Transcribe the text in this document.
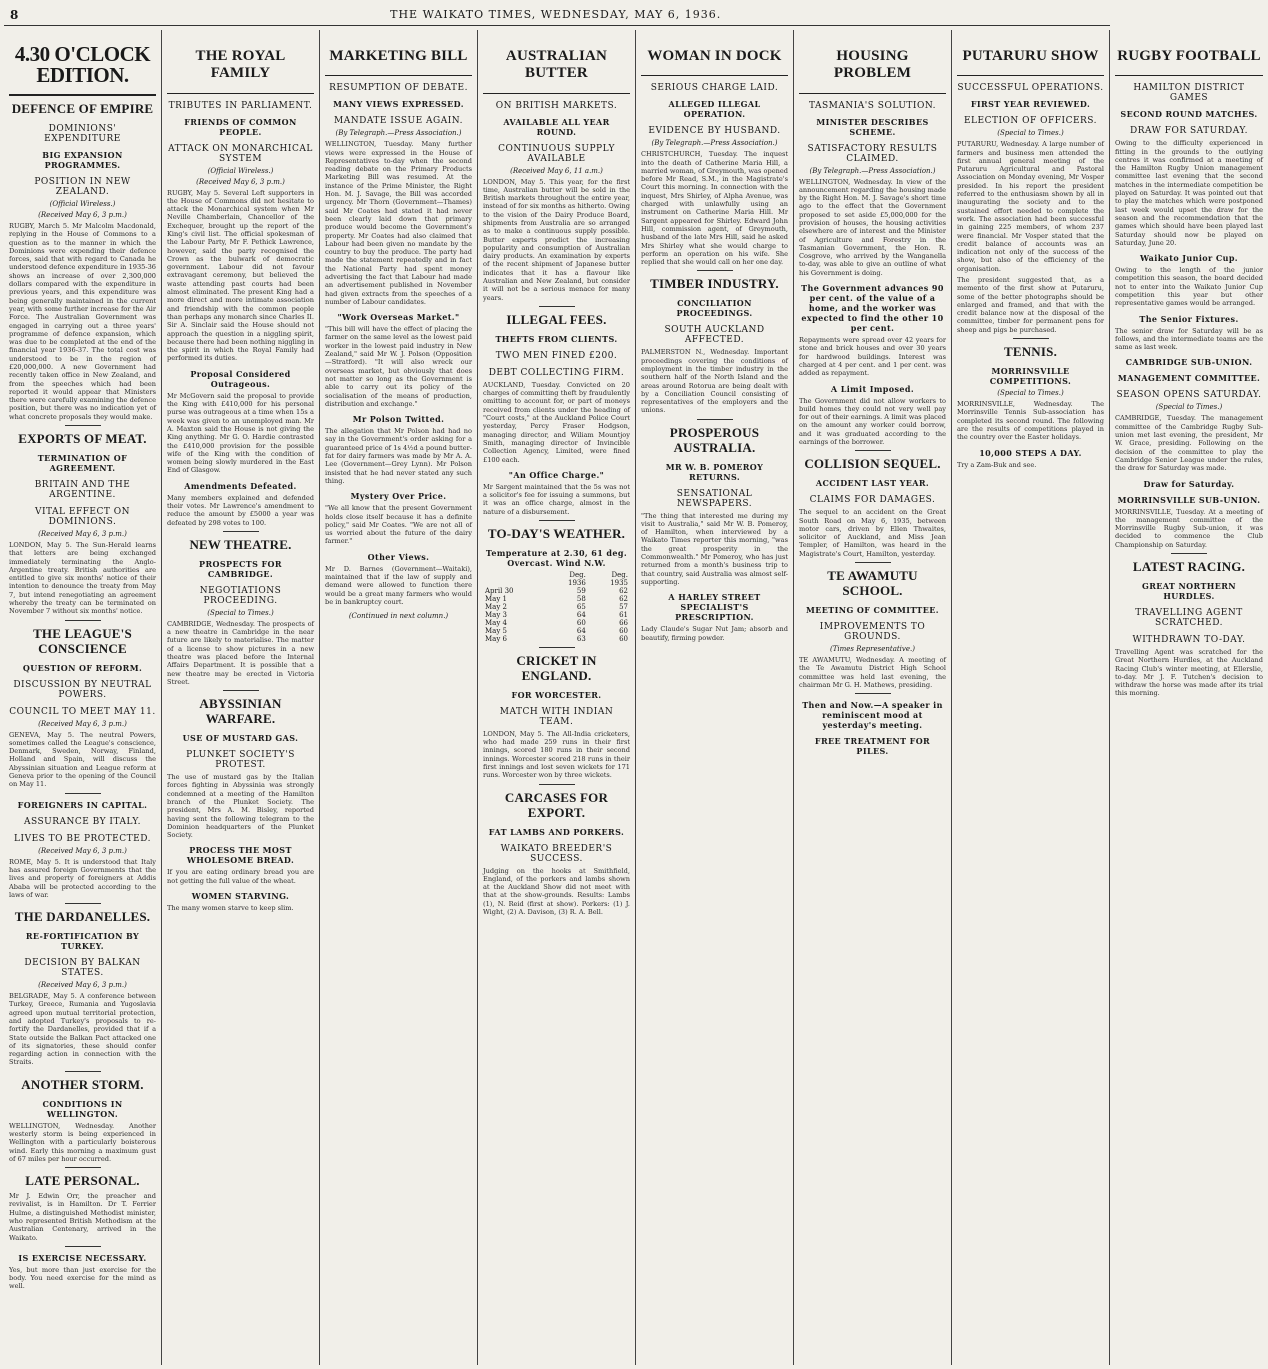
8	THE WAIKATO TIMES, WEDNESDAY, MAY 6, 1936.
4.30 O'CLOCK EDITION.
DEFENCE OF EMPIRE
DOMINIONS' EXPENDITURE
BIG EXPANSION PROGRAMMES.
POSITION IN NEW ZEALAND.
(Official Wireless.)
(Received May 6, 3 p.m.)
RUGBY, March 5. Mr Malcolm Macdonald, replying in the House of Commons to a question as to the manner in which the Dominions were expending their defence forces, said that with regard to Canada he understood defence expenditure in 1935-36 shows an increase of over 2,300,000 dollars compared with the expenditure in previous years, and this expenditure was being generally maintained in the current year, with some further increase for the Air Force. The Australian Government was engaged in carrying out a three years' programme of defence expansion, which was due to be completed at the end of the financial year 1936-37. The total cost was understood to be in the region of £20,000,000. A new Government had recently taken office in New Zealand, and from the speeches which had been reported it would appear that Ministers there were carefully examining the defence position, but there was no indication yet of what concrete proposals they would make.
EXPORTS OF MEAT.
TERMINATION OF AGREEMENT.
BRITAIN AND THE ARGENTINE.
VITAL EFFECT ON DOMINIONS.
(Received May 6, 3 p.m.)
LONDON, May 5. The Sun-Herald learns that letters are being exchanged immediately terminating the Anglo-Argentine treaty. British authorities are entitled to give six months' notice of their intention to denounce the treaty from May 7, but intend renegotiating an agreement whereby the treaty can be terminated on November 7 without six months' notice.
THE LEAGUE'S CONSCIENCE
QUESTION OF REFORM.
DISCUSSION BY NEUTRAL POWERS.
COUNCIL TO MEET MAY 11.
(Received May 6, 3 p.m.)
GENEVA, May 5. The neutral Powers, sometimes called the League's conscience, Denmark, Sweden, Norway, Finland, Holland and Spain, will discuss the Abyssinian situation and League reform at Geneva prior to the opening of the Council on May 11.
FOREIGNERS IN CAPITAL.
ASSURANCE BY ITALY.
LIVES TO BE PROTECTED.
(Received May 6, 3 p.m.)
ROME, May 5. It is understood that Italy has assured foreign Governments that the lives and property of foreigners at Addis Ababa will be protected according to the laws of war.
THE DARDANELLES.
RE-FORTIFICATION BY TURKEY.
DECISION BY BALKAN STATES.
(Received May 6, 3 p.m.)
BELGRADE, May 5. A conference between Turkey, Greece, Rumania and Yugoslavia agreed upon mutual territorial protection, and adopted Turkey's proposals to re-fortify the Dardanelles, provided that if a State outside the Balkan Pact attacked one of its signatories, these should confer regarding action in connection with the Straits.
ANOTHER STORM.
CONDITIONS IN WELLINGTON.
WELLINGTON, Wednesday. Another westerly storm is being experienced in Wellington with a particularly boisterous wind. Early this morning a maximum gust of 67 miles per hour occurred.
LATE PERSONAL.
Mr J. Edwin Orr, the preacher and revivalist, is in Hamilton. Dr T. Ferrier Hulme, a distinguished Methodist minister, who represented British Methodism at the Australian Centenary, arrived in the Waikato.
IS EXERCISE NECESSARY.
Yes, but more than just exercise for the body. You need exercise for the mind as well.
THE ROYAL FAMILY
TRIBUTES IN PARLIAMENT.
FRIENDS OF COMMON PEOPLE.
ATTACK ON MONARCHICAL SYSTEM
(Official Wireless.)
(Received May 6, 3 p.m.)
RUGBY, May 5. Several Left supporters in the House of Commons did not hesitate to attack the Monarchical system when Mr Neville Chamberlain, Chancellor of the Exchequer, brought up the report of the King's civil list. The official spokesman of the Labour Party, Mr F. Pethick Lawrence, however, said the party recognised the Crown as the bulwark of democratic government. Labour did not favour extravagant ceremony, but believed the waste attending past courts had been almost eliminated. The present King had a more direct and more intimate association and friendship with the common people than perhaps any monarch since Charles II. Sir A. Sinclair said the House should not approach the question in a niggling spirit, because there had been nothing niggling in the spirit in which the Royal Family had performed its duties.
Proposal Considered Outrageous.
Mr McGovern said the proposal to provide the King with £410,000 for his personal purse was outrageous at a time when 15s a week was given to an unemployed man. Mr A. Maxton said the House is not giving the King anything. Mr G. O. Hardie contrasted the £410,000 provision for the possible wife of the King with the condition of women being slowly murdered in the East End of Glasgow.
Amendments Defeated.
Many members explained and defended their votes. Mr Lawrence's amendment to reduce the amount by £5000 a year was defeated by 298 votes to 100.
NEW THEATRE.
PROSPECTS FOR CAMBRIDGE.
NEGOTIATIONS PROCEEDING.
(Special to Times.)
CAMBRIDGE, Wednesday. The prospects of a new theatre in Cambridge in the near future are likely to materialise. The matter of a license to show pictures in a new theatre was placed before the Internal Affairs Department. It is possible that a new theatre may be erected in Victoria Street.
ABYSSINIAN WARFARE.
USE OF MUSTARD GAS.
PLUNKET SOCIETY'S PROTEST.
The use of mustard gas by the Italian forces fighting in Abyssinia was strongly condemned at a meeting of the Hamilton branch of the Plunket Society. The president, Mrs A. M. Bisley, reported having sent the following telegram to the Dominion headquarters of the Plunket Society.
PROCESS THE MOST WHOLESOME BREAD.
If you are eating ordinary bread you are not getting the full value of the wheat.
WOMEN STARVING.
The many women starve to keep slim.
MARKETING BILL
RESUMPTION OF DEBATE.
MANY VIEWS EXPRESSED.
MANDATE ISSUE AGAIN.
(By Telegraph.—Press Association.)
WELLINGTON, Tuesday. Many further views were expressed in the House of Representatives to-day when the second reading debate on the Primary Products Marketing Bill was resumed. At the instance of the Prime Minister, the Right Hon. M. J. Savage, the Bill was accorded urgency. Mr Thorn (Government—Thames) said Mr Coates had stated it had never been clearly laid down that primary produce would become the Government's property. Mr Coates had also claimed that Labour had been given no mandate by the country to buy the produce. The party had made the statement repeatedly and in fact the National Party had spent money advertising the fact that Labour had made an advertisement published in November had given extracts from the speeches of a number of Labour candidates.
"Work Overseas Market."
"This bill will have the effect of placing the farmer on the same level as the lowest paid worker in the lowest paid industry in New Zealand," said Mr W. J. Polson (Opposition—Stratford). "It will also wreck our overseas market, but obviously that does not matter so long as the Government is able to carry out its policy of the socialisation of the means of production, distribution and exchange."
Mr Polson Twitted.
The allegation that Mr Polson had had no say in the Government's order asking for a guaranteed price of 1s 4½d a pound butter-fat for dairy farmers was made by Mr A. A. Lee (Government—Grey Lynn). Mr Polson insisted that he had never stated any such thing.
Mystery Over Price.
"We all know that the present Government holds close itself because it has a definite policy," said Mr Coates. "We are not all of us worried about the future of the dairy farmer."
Other Views.
Mr D. Barnes (Government—Waitaki), maintained that if the law of supply and demand were allowed to function there would be a great many farmers who would be in bankruptcy court.
(Continued in next column.)
AUSTRALIAN BUTTER
ON BRITISH MARKETS.
AVAILABLE ALL YEAR ROUND.
CONTINUOUS SUPPLY AVAILABLE
(Received May 6, 11 a.m.)
LONDON, May 5. This year, for the first time, Australian butter will be sold in the British markets throughout the entire year, instead of for six months as hitherto. Owing to the vision of the Dairy Produce Board, shipments from Australia are so arranged as to make a continuous supply possible. Butter experts predict the increasing popularity and consumption of Australian dairy products. An examination by experts of the recent shipment of Japanese butter indicates that it has a flavour like Australian and New Zealand, but consider it will not be a serious menace for many years.
ILLEGAL FEES.
THEFTS FROM CLIENTS.
TWO MEN FINED £200.
DEBT COLLECTING FIRM.
AUCKLAND, Tuesday. Convicted on 20 charges of committing theft by fraudulently omitting to account for, or part of moneys received from clients under the heading of "Court costs," at the Auckland Police Court yesterday, Percy Fraser Hodgson, managing director, and Wiliam Mountjoy Smith, managing director of Invincible Collection Agency, Limited, were fined £100 each.
"An Office Charge."
Mr Sargent maintained that the 5s was not a solicitor's fee for issuing a summons, but it was an office charge, almost in the nature of a disbursement.
TO-DAY'S WEATHER.
Temperature at 2.30, 61 deg. Overcast. Wind N.W.
	Deg.	Deg.
	1936	1935
April 30	59	62
May 1	58	62
May 2	65	57
May 3	64	61
May 4	60	66
May 5	64	60
May 6	63	60
CRICKET IN ENGLAND.
FOR WORCESTER.
MATCH WITH INDIAN TEAM.
LONDON, May 5. The All-India cricketers, who had made 259 runs in their first innings, scored 180 runs in their second innings. Worcester scored 218 runs in their first innings and lost seven wickets for 171 runs. Worcester won by three wickets.
CARCASES FOR EXPORT.
FAT LAMBS AND PORKERS.
WAIKATO BREEDER'S SUCCESS.
Judging on the hooks at Smithfield, England, of the porkers and lambs shown at the Auckland Show did not meet with that at the show-grounds. Results: Lambs (1), N. Reid (first at show). Porkers: (1) J. Wight, (2) A. Davison, (3) R. A. Bell.
WOMAN IN DOCK
SERIOUS CHARGE LAID.
ALLEGED ILLEGAL OPERATION.
EVIDENCE BY HUSBAND.
(By Telegraph.—Press Association.)
CHRISTCHURCH, Tuesday. The inquest into the death of Catherine Maria Hill, a married woman, of Greymouth, was opened before Mr Read, S.M., in the Magistrate's Court this morning. In connection with the inquest, Mrs Shirley, of Alpha Avenue, was charged with unlawfully using an instrument on Catherine Maria Hill. Mr Sargent appeared for Shirley. Edward John Hill, commission agent, of Greymouth, husband of the late Mrs Hill, said he asked Mrs Shirley what she would charge to perform an operation on his wife. She replied that she would call on her one day.
TIMBER INDUSTRY.
CONCILIATION PROCEEDINGS.
SOUTH AUCKLAND AFFECTED.
PALMERSTON N., Wednesday. Important proceedings covering the conditions of employment in the timber industry in the southern half of the North Island and the areas around Rotorua are being dealt with by a Conciliation Council consisting of representatives of the employers and the unions.
PROSPEROUS AUSTRALIA.
MR W. B. POMEROY RETURNS.
SENSATIONAL NEWSPAPERS.
"The thing that interested me during my visit to Australia," said Mr W. B. Pomeroy, of Hamilton, when interviewed by a Waikato Times reporter this morning, "was the great prosperity in the Commonwealth." Mr Pomeroy, who has just returned from a month's business trip to that country, said Australia was almost self-supporting.
A HARLEY STREET SPECIALIST'S PRESCRIPTION.
Lady Claude's Sugar Nut Jam; absorb and beautify, firming powder.
HOUSING PROBLEM
TASMANIA'S SOLUTION.
MINISTER DESCRIBES SCHEME.
SATISFACTORY RESULTS CLAIMED.
(By Telegraph.—Press Association.)
WELLINGTON, Wednesday. In view of the announcement regarding the housing made by the Right Hon. M. J. Savage's short time ago to the effect that the Government proposed to set aside £5,000,000 for the provision of houses, the housing activities elsewhere are of interest and the Minister of Agriculture and Forestry in the Tasmanian Government, the Hon. R. Cosgrove, who arrived by the Wanganella to-day, was able to give an outline of what his Government is doing.
The Government advances 90 per cent. of the value of a home, and the worker was expected to find the other 10 per cent.
Repayments were spread over 42 years for stone and brick houses and over 30 years for hardwood buildings. Interest was charged at 4 per cent. and 1 per cent. was added as repayment.
A Limit Imposed.
The Government did not allow workers to build homes they could not very well pay for out of their earnings. A limit was placed on the amount any worker could borrow, and it was graduated according to the earnings of the borrower.
COLLISION SEQUEL.
ACCIDENT LAST YEAR.
CLAIMS FOR DAMAGES.
The sequel to an accident on the Great South Road on May 6, 1935, between motor cars, driven by Ellen Thwaites, solicitor of Auckland, and Miss Jean Templer, of Hamilton, was heard in the Magistrate's Court, Hamilton, yesterday.
TE AWAMUTU SCHOOL.
MEETING OF COMMITTEE.
IMPROVEMENTS TO GROUNDS.
(Times Representative.)
TE AWAMUTU, Wednesday. A meeting of the Te Awamutu District High School committee was held last evening, the chairman Mr G. H. Mathews, presiding.
Then and Now.—A speaker in reminiscent mood at yesterday's meeting.
FREE TREATMENT FOR PILES.
PUTARURU SHOW
SUCCESSFUL OPERATIONS.
FIRST YEAR REVIEWED.
ELECTION OF OFFICERS.
(Special to Times.)
PUTARURU, Wednesday. A large number of farmers and business men attended the first annual general meeting of the Putaruru Agricultural and Pastoral Association on Monday evening, Mr Vosper presided. In his report the president referred to the enthusiasm shown by all in inaugurating the society and to the sustained effort needed to complete the work. The association had been successful in gaining 225 members, of whom 237 were financial. Mr Vosper stated that the credit balance of accounts was an indication not only of the success of the show, but also of the efficiency of the organisation.
The president suggested that, as a memento of the first show at Putaruru, some of the better photographs should be enlarged and framed, and that with the credit balance now at the disposal of the committee, timber for permanent pens for sheep and pigs be purchased.
TENNIS.
MORRINSVILLE COMPETITIONS.
(Special to Times.)
MORRINSVILLE, Wednesday. The Morrinsville Tennis Sub-association has completed its second round. The following are the results of competitions played in the country over the Easter holidays.
10,000 STEPS A DAY.
Try a Zam-Buk and see.
RUGBY FOOTBALL
HAMILTON DISTRICT GAMES
SECOND ROUND MATCHES.
DRAW FOR SATURDAY.
Owing to the difficulty experienced in fitting in the grounds to the outlying centres it was confirmed at a meeting of the Hamilton Rugby Union management committee last evening that the second matches in the intermediate competition be played on Saturday. It was pointed out that to play the matches which were postponed last week would upset the draw for the season and the recommendation that the games which should have been played last Saturday should now be played on Saturday, June 20.
Waikato Junior Cup.
Owing to the length of the junior competition this season, the board decided not to enter into the Waikato Junior Cup competition this year but other representative games would be arranged.
The Senior Fixtures.
The senior draw for Saturday will be as follows, and the intermediate teams are the same as last week.
CAMBRIDGE SUB-UNION.
MANAGEMENT COMMITTEE.
SEASON OPENS SATURDAY.
(Special to Times.)
CAMBRIDGE, Tuesday. The management committee of the Cambridge Rugby Sub-union met last evening, the president, Mr W. Grace, presiding. Following on the decision of the committee to play the Cambridge Senior League under the rules, the draw for Saturday was made.
Draw for Saturday.
MORRINSVILLE SUB-UNION.
MORRINSVILLE, Tuesday. At a meeting of the management committee of the Morrinsville Rugby Sub-union, it was decided to commence the Club Championship on Saturday.
LATEST RACING.
GREAT NORTHERN HURDLES.
TRAVELLING AGENT SCRATCHED.
WITHDRAWN TO-DAY.
Travelling Agent was scratched for the Great Northern Hurdles, at the Auckland Racing Club's winter meeting, at Ellerslie, to-day. Mr J. F. Tutchen's decision to withdraw the horse was made after its trial this morning.
